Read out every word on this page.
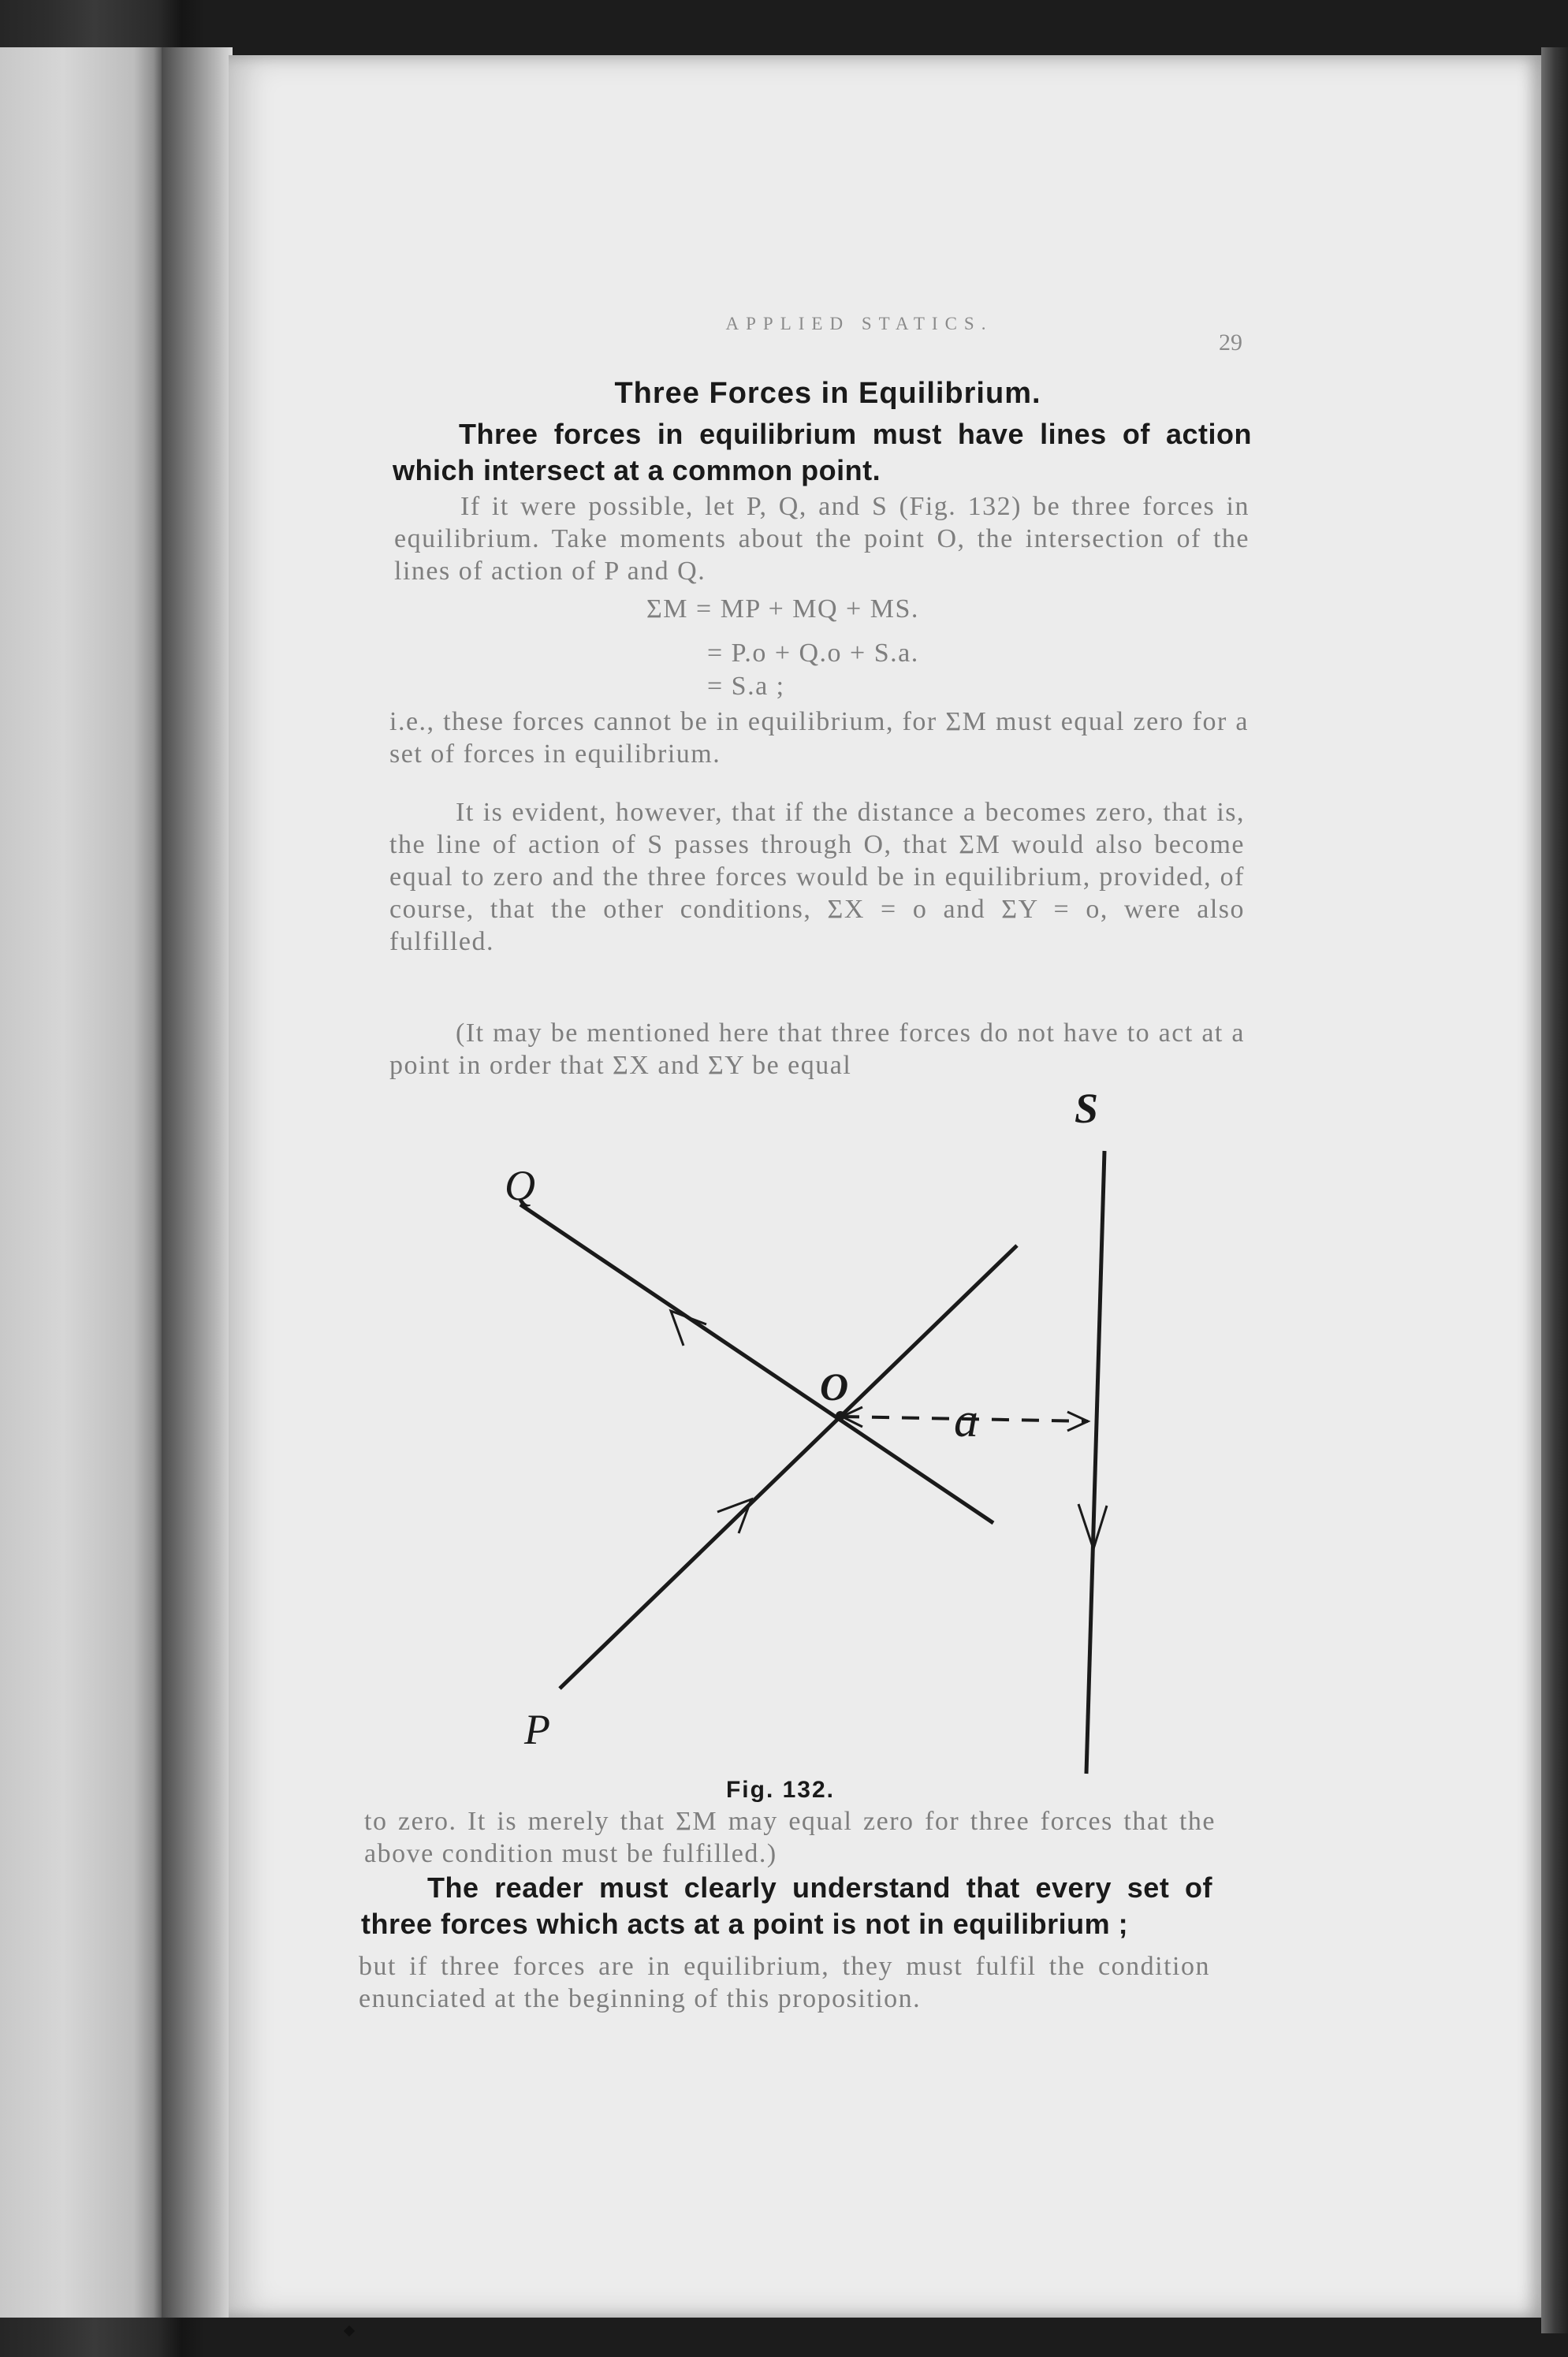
APPLIED STATICS.
29
Three Forces in Equilibrium.
Three forces in equilibrium must have lines of action which intersect at a common point.
If it were possible, let P, Q, and S (Fig. 132) be three forces in equilibrium. Take moments about the point O, the intersection of the lines of action of P and Q.
ΣM = MP + MQ + MS.
= P.o + Q.o + S.a.
= S.a ;
i.e., these forces cannot be in equilibrium, for ΣM must equal zero for a set of forces in equilibrium.
It is evident, however, that if the distance a becomes zero, that is, the line of action of S passes through O, that ΣM would also become equal to zero and the three forces would be in equilibrium, provided, of course, that the other conditions, ΣX = o and ΣY = o, were also fulfilled.
(It may be mentioned here that three forces do not have to act at a point in order that ΣX and ΣY be equal
S
Q
O
a
P
Fig. 132.
to zero. It is merely that ΣM may equal zero for three forces that the above condition must be fulfilled.)
The reader must clearly understand that every set of three forces which acts at a point is not in equilibrium ;
but if three forces are in equilibrium, they must fulfil the condition enunciated at the beginning of this proposition.
